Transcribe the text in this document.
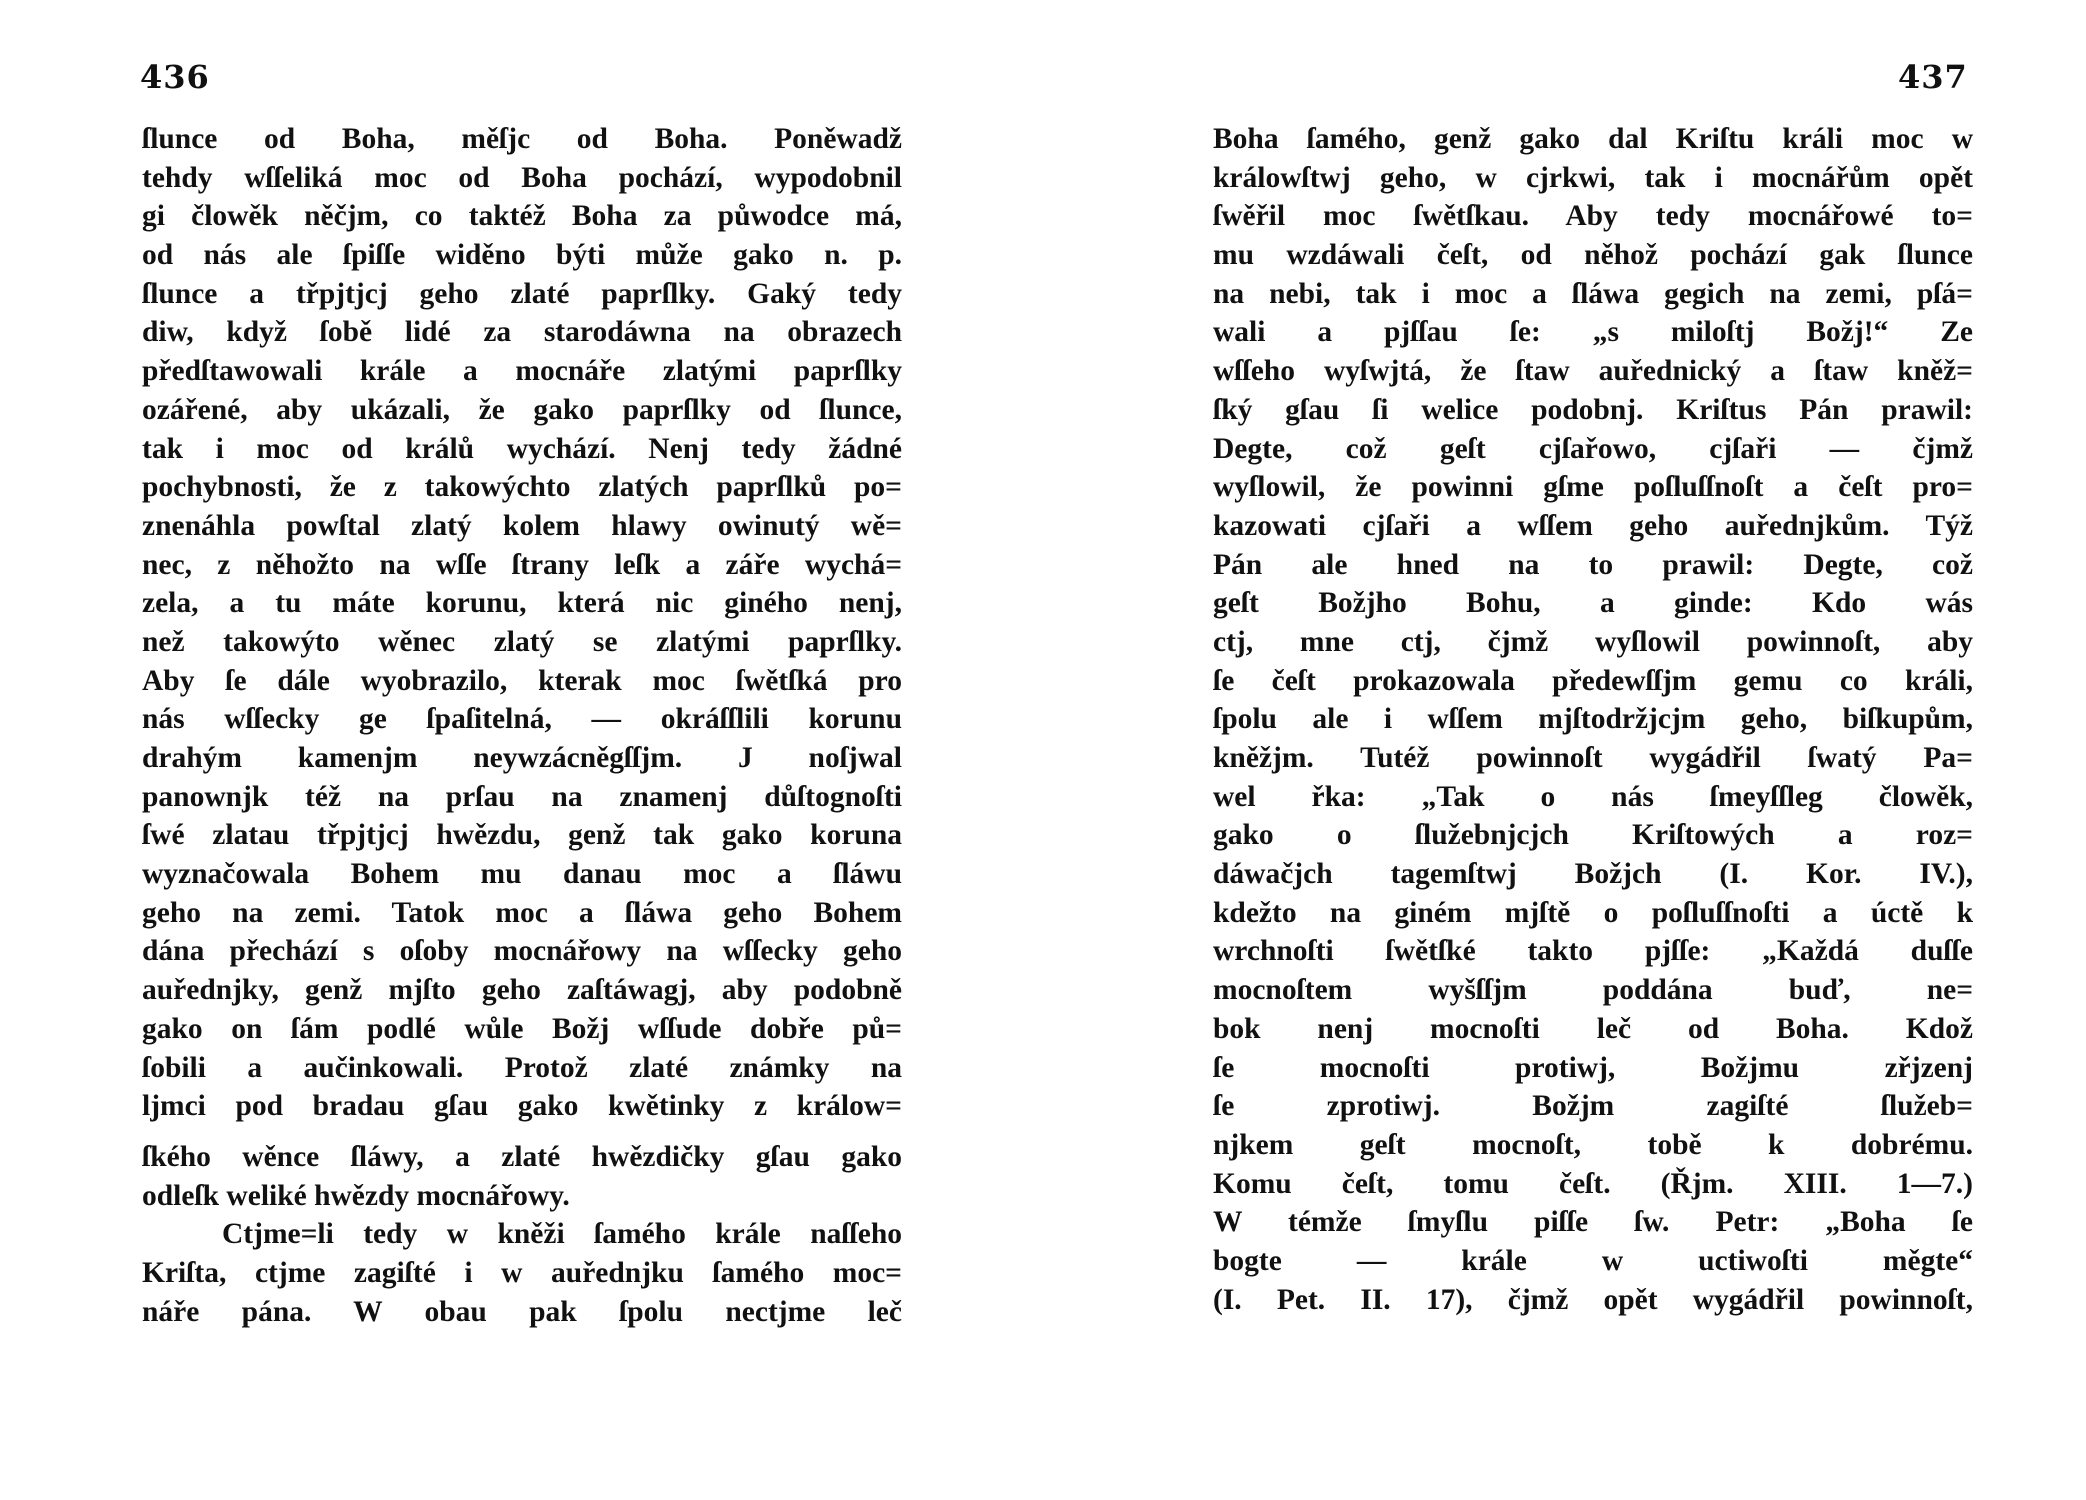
436
ſlunce od Boha, měſjc od Boha. Poněwadž
tehdy wſſeliká moc od Boha pochází, wypodobnil
gi člowěk něčjm, co taktéž Boha za půwodce má,
od nás ale ſpiſſe widěno býti může gako n. p.
ſlunce a třpjtjcj geho zlaté paprſlky. Gaký tedy
diw, když ſobě lidé za starodáwna na obrazech
předſtawowali krále a mocnáře zlatými paprſlky
ozářené, aby ukázali, že gako paprſlky od ſlunce,
tak i moc od králů wychází. Nenj tedy žádné
pochybnosti, že z takowýchto zlatých paprſlků po=
znenáhla powſtal zlatý kolem hlawy owinutý wě=
nec, z něhožto na wſſe ſtrany leſk a záře wychá=
zela, a tu máte korunu, která nic giného nenj,
než takowýto wěnec zlatý se zlatými paprſlky.
Aby ſe dále wyobrazilo, kterak moc ſwětſká pro
nás wſſecky ge ſpaſitelná, — okráſſlili korunu
drahým kamenjm neywzácněgſſjm. J noſjwal
panownjk též na prſau na znamenj důſtognoſti
ſwé zlatau třpjtjcj hwězdu, genž tak gako koruna
wyznačowala Bohem mu danau moc a ſláwu
geho na zemi. Tatok moc a ſláwa geho Bohem
dána přechází s oſoby mocnářowy na wſſecky geho
auřednjky, genž mjſto geho zaſtáwagj, aby podobně
gako on ſám podlé wůle Božj wſſude dobře pů=
ſobili a aučinkowali. Protož zlaté známky na
ljmci pod bradau gſau gako kwětinky z králow=
ſkého wěnce ſláwy, a zlaté hwězdičky gſau gako
odleſk weliké hwězdy mocnářowy.
Ctjme=li tedy w kněži ſamého krále naſſeho
Kriſta, ctjme zagiſté i w auřednjku ſamého moc=
náře pána. W obau pak ſpolu nectjme leč
437
Boha ſamého, genž gako dal Kriſtu králi moc w
králowſtwj geho, w cjrkwi, tak i mocnářům opět
ſwěřil moc ſwětſkau. Aby tedy mocnářowé to=
mu wzdáwali čeſt, od něhož pochází gak ſlunce
na nebi, tak i moc a ſláwa gegich na zemi, pſá=
wali a pjſſau ſe: „s miloſtj Božj!“ Ze
wſſeho wyſwjtá, že ſtaw auřednický a ſtaw kněž=
ſký gſau ſi welice podobnj. Kriſtus Pán prawil:
Degte, což geſt cjſařowo, cjſaři — čjmž
wyſlowil, že powinni gſme poſluſſnoſt a čeſt pro=
kazowati cjſaři a wſſem geho auřednjkům. Týž
Pán ale hned na to prawil: Degte, což
geſt Božjho Bohu, a ginde: Kdo wás
ctj, mne ctj, čjmž wyſlowil powinnoſt, aby
ſe čeſt prokazowala předewſſjm gemu co králi,
ſpolu ale i wſſem mjſtodržjcjm geho, biſkupům,
kněžjm. Tutéž powinnoſt wygádřil ſwatý Pa=
wel řka: „Tak o nás ſmeyſſleg člowěk,
gako o ſlužebnjcjch Kriſtowých a roz=
dáwačjch tagemſtwj Božjch (I. Kor. IV.),
kdežto na giném mjſtě o poſluſſnoſti a úctě k
wrchnoſti ſwětſké takto pjſſe: „Každá duſſe
mocnoſtem wyšſſjm poddána buď, ne=
bok nenj mocnoſti leč od Boha. Kdož
ſe mocnoſti protiwj, Božjmu zřjzenj
ſe zprotiwj. Božjm zagiſté ſlužeb=
njkem geſt mocnoſt, tobě k dobrému.
Komu čeſt, tomu čeſt. (Řjm. XIII. 1—7.)
W témže ſmyſlu piſſe ſw. Petr: „Boha ſe
bogte — krále w uctiwoſti měgte“
(I. Pet. II. 17), čjmž opět wygádřil powinnoſt,
